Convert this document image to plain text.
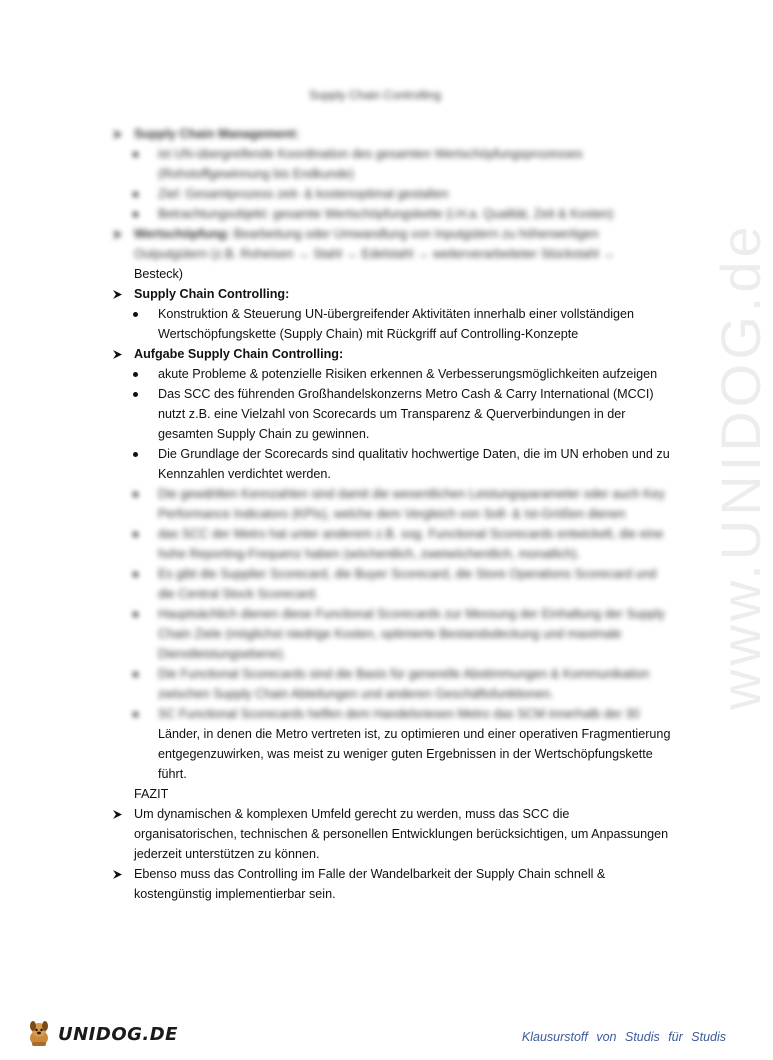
www.UNIDOG.de
Supply Chain Controlling
Supply Chain Management:
ist UN-übergreifende Koordination des gesamten Wertschöpfungsprozesses (Rohstoffgewinnung bis Endkunde)
Ziel: Gesamtprozess zeit- & kostenoptimal gestalten
Betrachtungsobjekt: gesamte Wertschöpfungskette (i.H.a. Qualität, Zeit & Kosten)
Wertschöpfung: Bearbeitung oder Umwandlung von Inputgütern zu höherwertigen Outputgütern (z.B. Roheisen → Stahl → Edelstahl → weiterverarbeiteter Stückstahl →
Besteck)
Supply Chain Controlling:
Konstruktion & Steuerung UN-übergreifender Aktivitäten innerhalb einer vollständigen Wertschöpfungskette (Supply Chain) mit Rückgriff auf Controlling-Konzepte
Aufgabe Supply Chain Controlling:
akute Probleme & potenzielle Risiken erkennen & Verbesserungsmöglichkeiten aufzeigen
Das SCC des führenden Großhandelskonzerns Metro Cash & Carry International (MCCI) nutzt z.B. eine Vielzahl von Scorecards um Transparenz & Querverbindungen in der gesamten Supply Chain zu gewinnen.
Die Grundlage der Scorecards sind qualitativ hochwertige Daten, die im UN erhoben und zu Kennzahlen verdichtet werden.
Die gewählten Kennzahlen sind damit die wesentlichen Leistungsparameter oder auch Key Performance Indicators (KPIs), welche dem Vergleich von Soll- & Ist-Größen dienen
das SCC der Metro hat unter anderem z.B. sog. Functional Scorecards entwickelt, die eine hohe Reporting-Frequenz haben (wöchentlich, zweiwöchentlich, monatlich).
Es gibt die Supplier Scorecard, die Buyer Scorecard, die Store Operations Scorecard und die Central Stock Scorecard.
Hauptsächlich dienen diese Functional Scorecards zur Messung der Einhaltung der Supply Chain Ziele (möglichst niedrige Kosten, optimierte Bestandsdeckung und maximale Dienstleistungsebene).
Die Functional Scorecards sind die Basis für generelle Abstimmungen & Kommunikation zwischen Supply Chain Abteilungen und anderen Geschäftsfunktionen.
SC Functional Scorecards helfen dem Handelsriesen Metro das SCM innerhalb der 30
Länder, in denen die Metro vertreten ist, zu optimieren und einer operativen Fragmentierung entgegenzuwirken, was meist zu weniger guten Ergebnissen in der Wertschöpfungskette führt.
FAZIT
Um dynamischen & komplexen Umfeld gerecht zu werden, muss das SCC die organisatorischen, technischen & personellen Entwicklungen berücksichtigen, um Anpassungen jederzeit unterstützen zu können.
Ebenso muss das Controlling im Falle der Wandelbarkeit der Supply Chain schnell & kostengünstig implementierbar sein.
UNIDOG.DE	Klausurstoff von Studis für Studis
